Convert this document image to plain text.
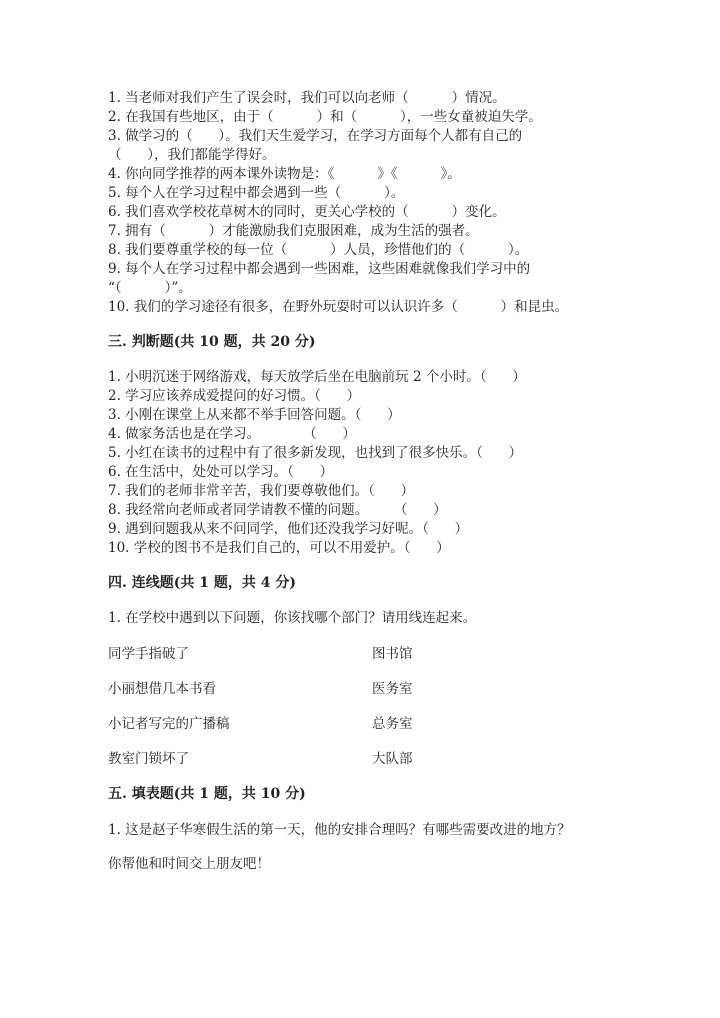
1. 当老师对我们产生了误会时，我们可以向老师（          ）情况。
2. 在我国有些地区，由于（          ）和（          ），一些女童被迫失学。
3. 做学习的（      ）。我们天生爱学习，在学习方面每个人都有自己的
（      ），我们都能学得好。
4. 你向同学推荐的两本课外读物是：《          》《          》。
5. 每个人在学习过程中都会遇到一些（          ）。
6. 我们喜欢学校花草树木的同时，更关心学校的（          ）变化。
7. 拥有（          ）才能激励我们克服困难，成为生活的强者。
8. 我们要尊重学校的每一位（          ）人员，珍惜他们的（          ）。
9. 每个人在学习过程中都会遇到一些困难，这些困难就像我们学习中的
“（          ）”。
10. 我们的学习途径有很多，在野外玩耍时可以认识许多（          ）和昆虫。
三. 判断题(共 10 题，共 20 分)
1. 小明沉迷于网络游戏，每天放学后坐在电脑前玩 2 个小时。（      ）
2. 学习应该养成爱提问的好习惯。（      ）
3. 小刚在课堂上从来都不举手回答问题。（      ）
4. 做家务活也是在学习。          （      ）
5. 小红在读书的过程中有了很多新发现，也找到了很多快乐。（      ）
6. 在生活中，处处可以学习。（      ）
7. 我们的老师非常辛苦，我们要尊敬他们。（      ）
8. 我经常向老师或者同学请教不懂的问题。      （      ）
9. 遇到问题我从来不问同学，他们还没我学习好呢。（      ）
10. 学校的图书不是我们自己的，可以不用爱护。（      ）
四. 连线题(共 1 题，共 4 分)
1. 在学校中遇到以下问题，你该找哪个部门？请用线连起来。
同学手指破了	图书馆
小丽想借几本书看	医务室
小记者写完的广播稿	总务室
教室门锁坏了	大队部
五. 填表题(共 1 题，共 10 分)
1. 这是赵子华寒假生活的第一天，他的安排合理吗？有哪些需要改进的地方？
你帮他和时间交上朋友吧！
